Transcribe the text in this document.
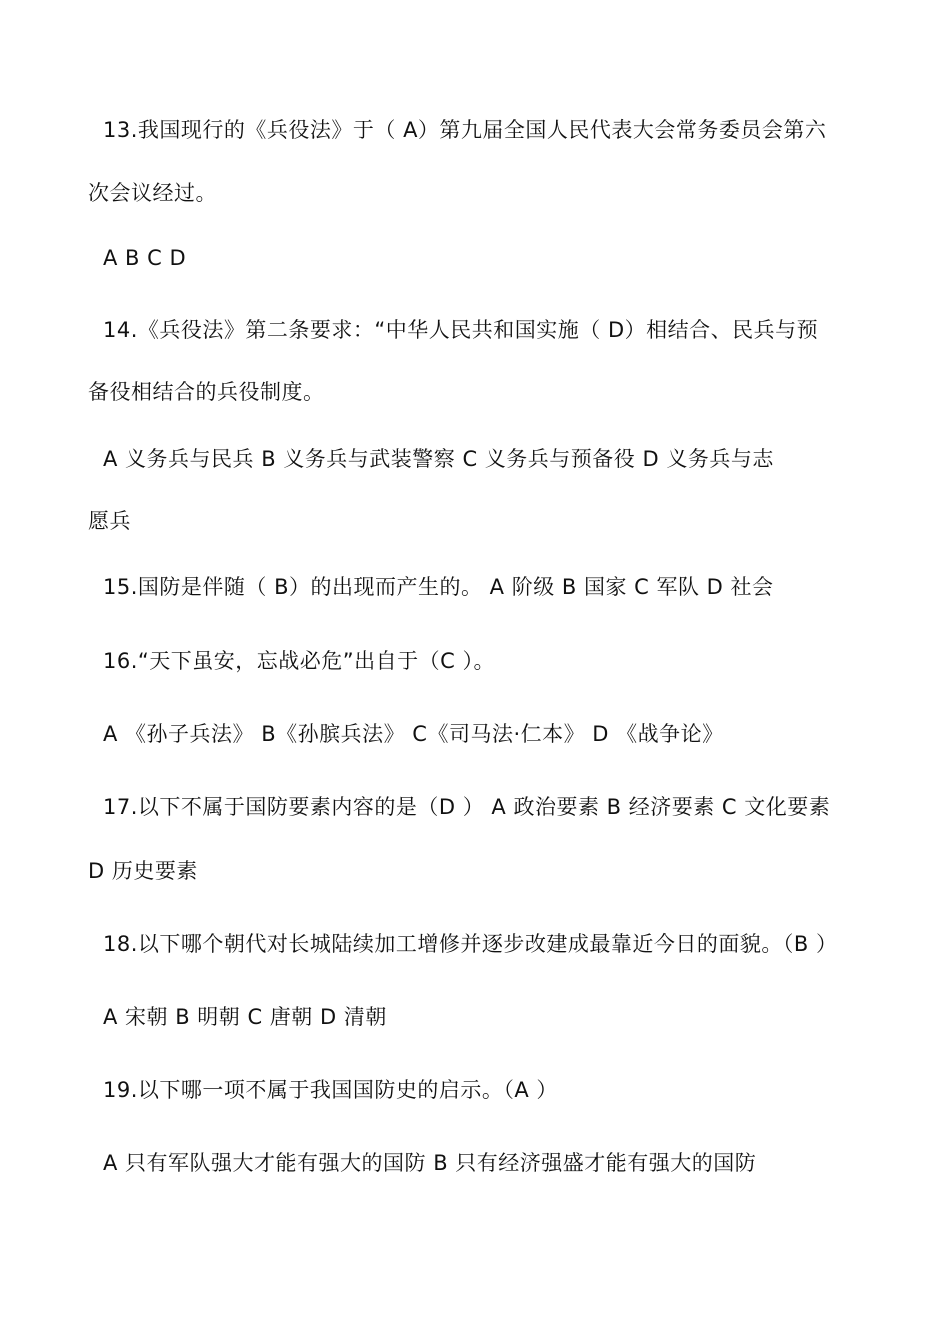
13.我国现行的《兵役法》于（ A）第九届全国人民代表大会常务委员会第六
次会议经过。
A B C D
14.《兵役法》第二条要求：“中华人民共和国实施（ D）相结合、民兵与预
备役相结合的兵役制度。
A 义务兵与民兵 B 义务兵与武装警察 C 义务兵与预备役 D 义务兵与志
愿兵
15.国防是伴随（ B）的出现而产生的。 A 阶级 B 国家 C 军队 D 社会
16.“天下虽安，忘战必危”出自于（C ）。
A 《孙子兵法》 B《孙膑兵法》 C《司马法·仁本》 D 《战争论》
17.以下不属于国防要素内容的是（D ） A 政治要素 B 经济要素 C 文化要素
D 历史要素
18.以下哪个朝代对长城陆续加工增修并逐步改建成最靠近今日的面貌。（B ）
A 宋朝 B 明朝 C 唐朝 D 清朝
19.以下哪一项不属于我国国防史的启示。（A ）
A 只有军队强大才能有强大的国防 B 只有经济强盛才能有强大的国防
